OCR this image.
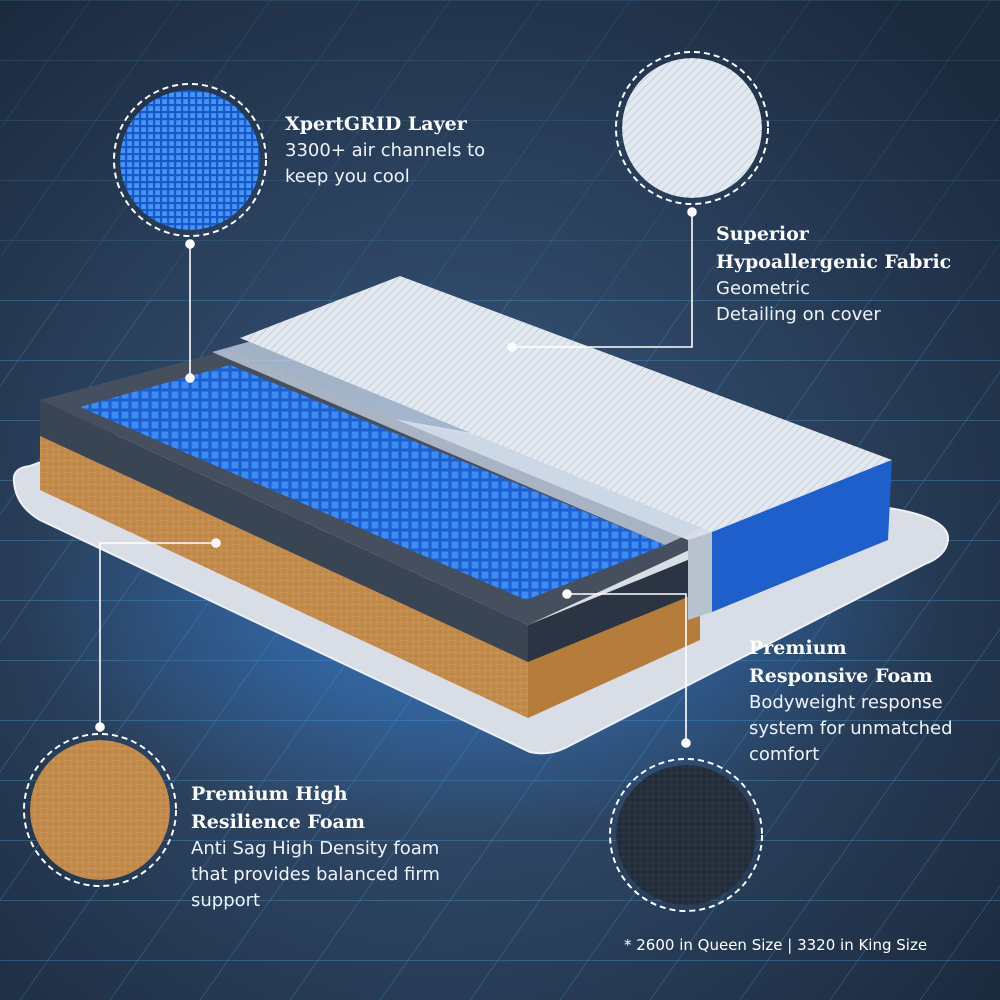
XpertGRID Layer

3300+ air channels to

keep you cool

Superior

Hypoallergenic Fabric

Geometric

Detailing on cover

Premium

Responsive Foam

Bodyweight response

system for unmatched

comfort

Premium High

Resilience Foam

Anti Sag High Density foam

that provides balanced firm

support

* 2600 in Queen Size | 3320 in King Size
